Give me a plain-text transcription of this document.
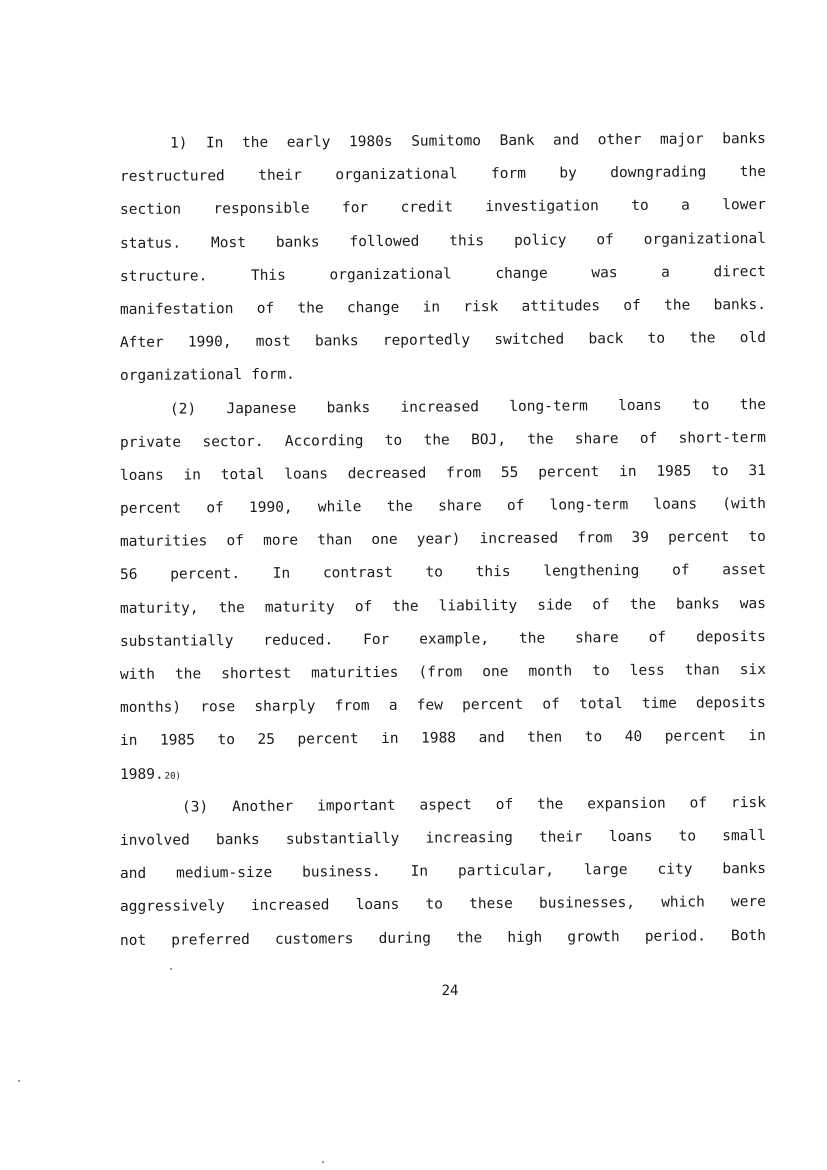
1) In the early 1980s Sumitomo Bank and other major banks
restructured their organizational form by downgrading the
section responsible for credit investigation to a lower
status. Most banks followed this policy of organizational
structure.	This	organizational	change	was	a	direct
manifestation of the change in risk attitudes of the banks.
After 1990, most banks reportedly switched back to the old
organizational form.
(2) Japanese banks increased long-term loans to the
private sector. According to the BOJ, the share of short-term
loans in total loans decreased from 55 percent in 1985 to 31
percent of 1990, while the share of long-term loans (with
maturities of more than one year) increased from 39 percent to
56 percent. In contrast to this lengthening of asset
maturity, the maturity of the liability side of the banks was
substantially reduced. For example, the share of deposits
with the shortest maturities (from one month to less than six
months) rose sharply from a few percent of total time deposits
in 1985 to 25 percent in 1988 and then to 40 percent in
1989. 20)
(3) Another important aspect of the expansion of risk
involved banks substantially increasing their loans to small
and medium-size business. In particular, large city banks
aggressively increased loans to these businesses, which were
not preferred customers during the high growth period. Both
24
